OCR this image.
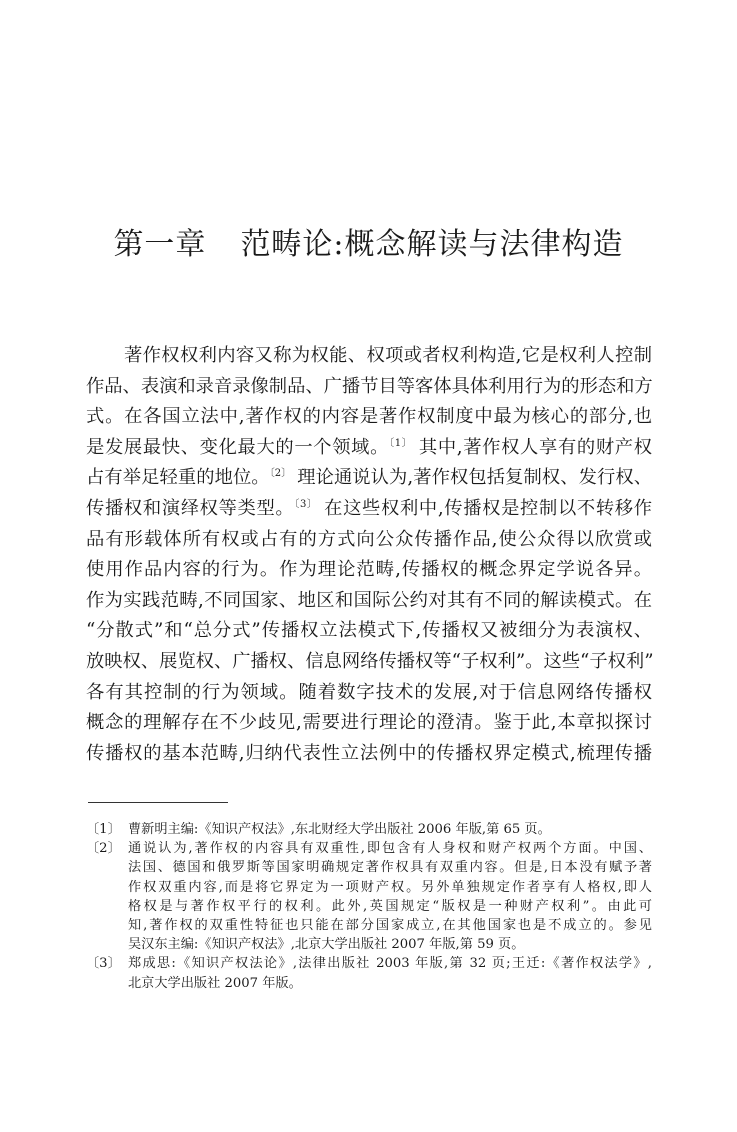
第一章 范畴论:概念解读与法律构造
著作权权利内容又称为权能、权项或者权利构造,它是权利人控制
作品、表演和录音录像制品、广播节目等客体具体利用行为的形态和方
式。在各国立法中,著作权的内容是著作权制度中最为核心的部分,也
是发展最快、变化最大的一个领域。$^{〔1〕}$ 其中,著作权人享有的财产权
占有举足轻重的地位。$^{〔2〕}$ 理论通说认为,著作权包括复制权、发行权、
传播权和演绎权等类型。$^{〔3〕}$ 在这些权利中,传播权是控制以不转移作
品有形载体所有权或占有的方式向公众传播作品,使公众得以欣赏或
使用作品内容的行为。作为理论范畴,传播权的概念界定学说各异。
作为实践范畴,不同国家、地区和国际公约对其有不同的解读模式。在
“分散式”和“总分式”传播权立法模式下,传播权又被细分为表演权、
放映权、展览权、广播权、信息网络传播权等“子权利”。这些“子权利”
各有其控制的行为领域。随着数字技术的发展,对于信息网络传播权
概念的理解存在不少歧见,需要进行理论的澄清。鉴于此,本章拟探讨
传播权的基本范畴,归纳代表性立法例中的传播权界定模式,梳理传播
〔1〕 曹新明主编:《知识产权法》,东北财经大学出版社 2006 年版,第 65 页。
〔2〕 通说认为,著作权的内容具有双重性,即包含有人身权和财产权两个方面。中国、
法国、德国和俄罗斯等国家明确规定著作权具有双重内容。但是,日本没有赋予著
作权双重内容,而是将它界定为一项财产权。另外单独规定作者享有人格权,即人
格权是与著作权平行的权利。此外,英国规定“版权是一种财产权利”。由此可
知,著作权的双重性特征也只能在部分国家成立,在其他国家也是不成立的。参见
吴汉东主编:《知识产权法》,北京大学出版社 2007 年版,第 59 页。
〔3〕 郑成思:《知识产权法论》,法律出版社 2003 年版,第 32 页;王迁:《著作权法学》,
北京大学出版社 2007 年版。
